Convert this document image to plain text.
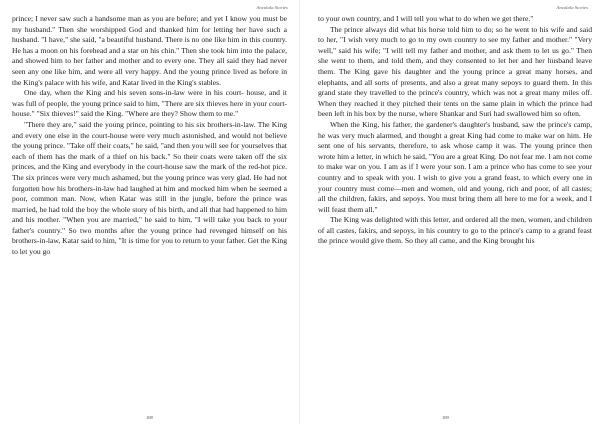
Ancalala Stories

prince; I never saw such a handsome man as you are before; and yet I know you must be my husband." Then she worshipped God and thanked him for letting her have such a husband. "I have," she said, "a beautiful husband. There is no one like him in this country. He has a moon on his forehead and a star on his chin." Then she took him into the palace, and showed him to her father and mother and to every one. They all said they had never seen any one like him, and were all very happy. And the young prince lived as before in the King's palace with his wife, and Katar lived in the King's stables.

One day, when the King and his seven sons-in-law were in his court- house, and it was full of people, the young prince said to him, "There are six thieves here in your court-house." "Six thieves!" said the King. "Where are they? Show them to me."

"There they are," said the young prince, pointing to his six brothers-in-law. The King and every one else in the court-house were very much astonished, and would not believe the young prince. "Take off their coats," he said, "and then you will see for yourselves that each of them has the mark of a thief on his back." So their coats were taken off the six princes, and the King and everybody in the court-house saw the mark of the red-hot pice. The six princes were very much ashamed, but the young prince was very glad. He had not forgotten how his brothers-in-law had laughed at him and mocked him when he seemed a poor, common man. Now, when Katar was still in the jungle, before the prince was married, he had told the boy the whole story of his birth, and all that had happened to him and his mother. "When you are married," he said to him, "I will take you back to your father's country." So two months after the young prince had revenged himself on his brothers-in-law, Katar said to him, "It is time for you to return to your father. Get the King to let you go

108
Ancalala Stories

to your own country, and I will tell you what to do when we get there."

The prince always did what his horse told him to do; so he went to his wife and said to her, "I wish very much to go to my own country to see my father and mother." "Very well," said his wife; "I will tell my father and mother, and ask them to let us go." Then she went to them, and told them, and they consented to let her and her husband leave them. The King gave his daughter and the young prince a great many horses, and elephants, and all sorts of presents, and also a great many sepoys to guard them. In this grand state they travelled to the prince's country, which was not a great many miles off. When they reached it they pitched their tents on the same plain in which the prince had been left in his box by the nurse, where Shankar and Suri had swallowed him so often.

When the King, his father, the gardener's daughter's husband, saw the prince's camp, he was very much alarmed, and thought a great King had come to make war on him. He sent one of his servants, therefore, to ask whose camp it was. The young prince then wrote him a letter, in which he said, "You are a great King. Do not fear me. I am not come to make war on you. I am as if I were your son. I am a prince who has come to see your country and to speak with you. I wish to give you a grand feast, to which every one in your country must come—men and women, old and young, rich and poor, of all castes; all the children, fakirs, and sepoys. You must bring them all here to me for a week, and I will feast them all."

The King was delighted with this letter, and ordered all the men, women, and children of all castes, fakirs, and sepoys, in his country to go to the prince's camp to a grand feast the prince would give them. So they all came, and the King brought his

109
